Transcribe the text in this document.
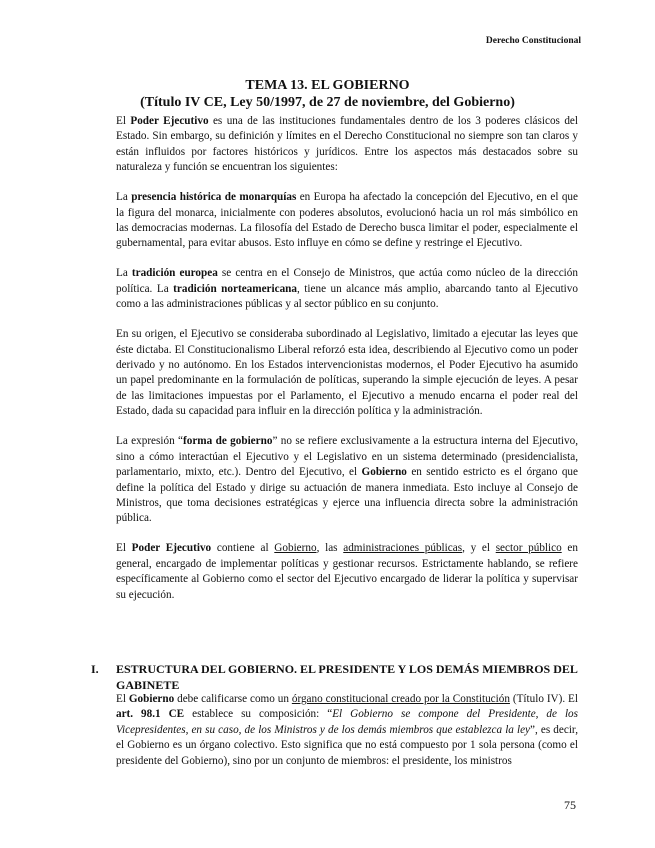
Derecho Constitucional
TEMA 13. EL GOBIERNO
(Título IV CE, Ley 50/1997, de 27 de noviembre, del Gobierno)

El Poder Ejecutivo es una de las instituciones fundamentales dentro de los 3 poderes clásicos del Estado. Sin embargo, su definición y límites en el Derecho Constitucional no siempre son tan claros y están influidos por factores históricos y jurídicos. Entre los aspectos más destacados sobre su naturaleza y función se encuentran los siguientes:

La presencia histórica de monarquías en Europa ha afectado la concepción del Ejecutivo, en el que la figura del monarca, inicialmente con poderes absolutos, evolucionó hacia un rol más simbólico en las democracias modernas. La filosofía del Estado de Derecho busca limitar el poder, especialmente el gubernamental, para evitar abusos. Esto influye en cómo se define y restringe el Ejecutivo.

La tradición europea se centra en el Consejo de Ministros, que actúa como núcleo de la dirección política. La tradición norteamericana, tiene un alcance más amplio, abarcando tanto al Ejecutivo como a las administraciones públicas y al sector público en su conjunto.

En su origen, el Ejecutivo se consideraba subordinado al Legislativo, limitado a ejecutar las leyes que éste dictaba. El Constitucionalismo Liberal reforzó esta idea, describiendo al Ejecutivo como un poder derivado y no autónomo. En los Estados intervencionistas modernos, el Poder Ejecutivo ha asumido un papel predominante en la formulación de políticas, superando la simple ejecución de leyes. A pesar de las limitaciones impuestas por el Parlamento, el Ejecutivo a menudo encarna el poder real del Estado, dada su capacidad para influir en la dirección política y la administración.

La expresión “forma de gobierno” no se refiere exclusivamente a la estructura interna del Ejecutivo, sino a cómo interactúan el Ejecutivo y el Legislativo en un sistema determinado (presidencialista, parlamentario, mixto, etc.). Dentro del Ejecutivo, el Gobierno en sentido estricto es el órgano que define la política del Estado y dirige su actuación de manera inmediata. Esto incluye al Consejo de Ministros, que toma decisiones estratégicas y ejerce una influencia directa sobre la administración pública.

El Poder Ejecutivo contiene al Gobierno, las administraciones públicas, y el sector público en general, encargado de implementar políticas y gestionar recursos. Estrictamente hablando, se refiere específicamente al Gobierno como el sector del Ejecutivo encargado de liderar la política y supervisar su ejecución.

I. ESTRUCTURA DEL GOBIERNO. EL PRESIDENTE Y LOS DEMÁS MIEMBROS DEL GABINETE
El Gobierno debe calificarse como un órgano constitucional creado por la Constitución (Título IV). El art. 98.1 CE establece su composición: “El Gobierno se compone del Presidente, de los Vicepresidentes, en su caso, de los Ministros y de los demás miembros que establezca la ley”, es decir, el Gobierno es un órgano colectivo. Esto significa que no está compuesto por 1 sola persona (como el presidente del Gobierno), sino por un conjunto de miembros: el presidente, los ministros
75
